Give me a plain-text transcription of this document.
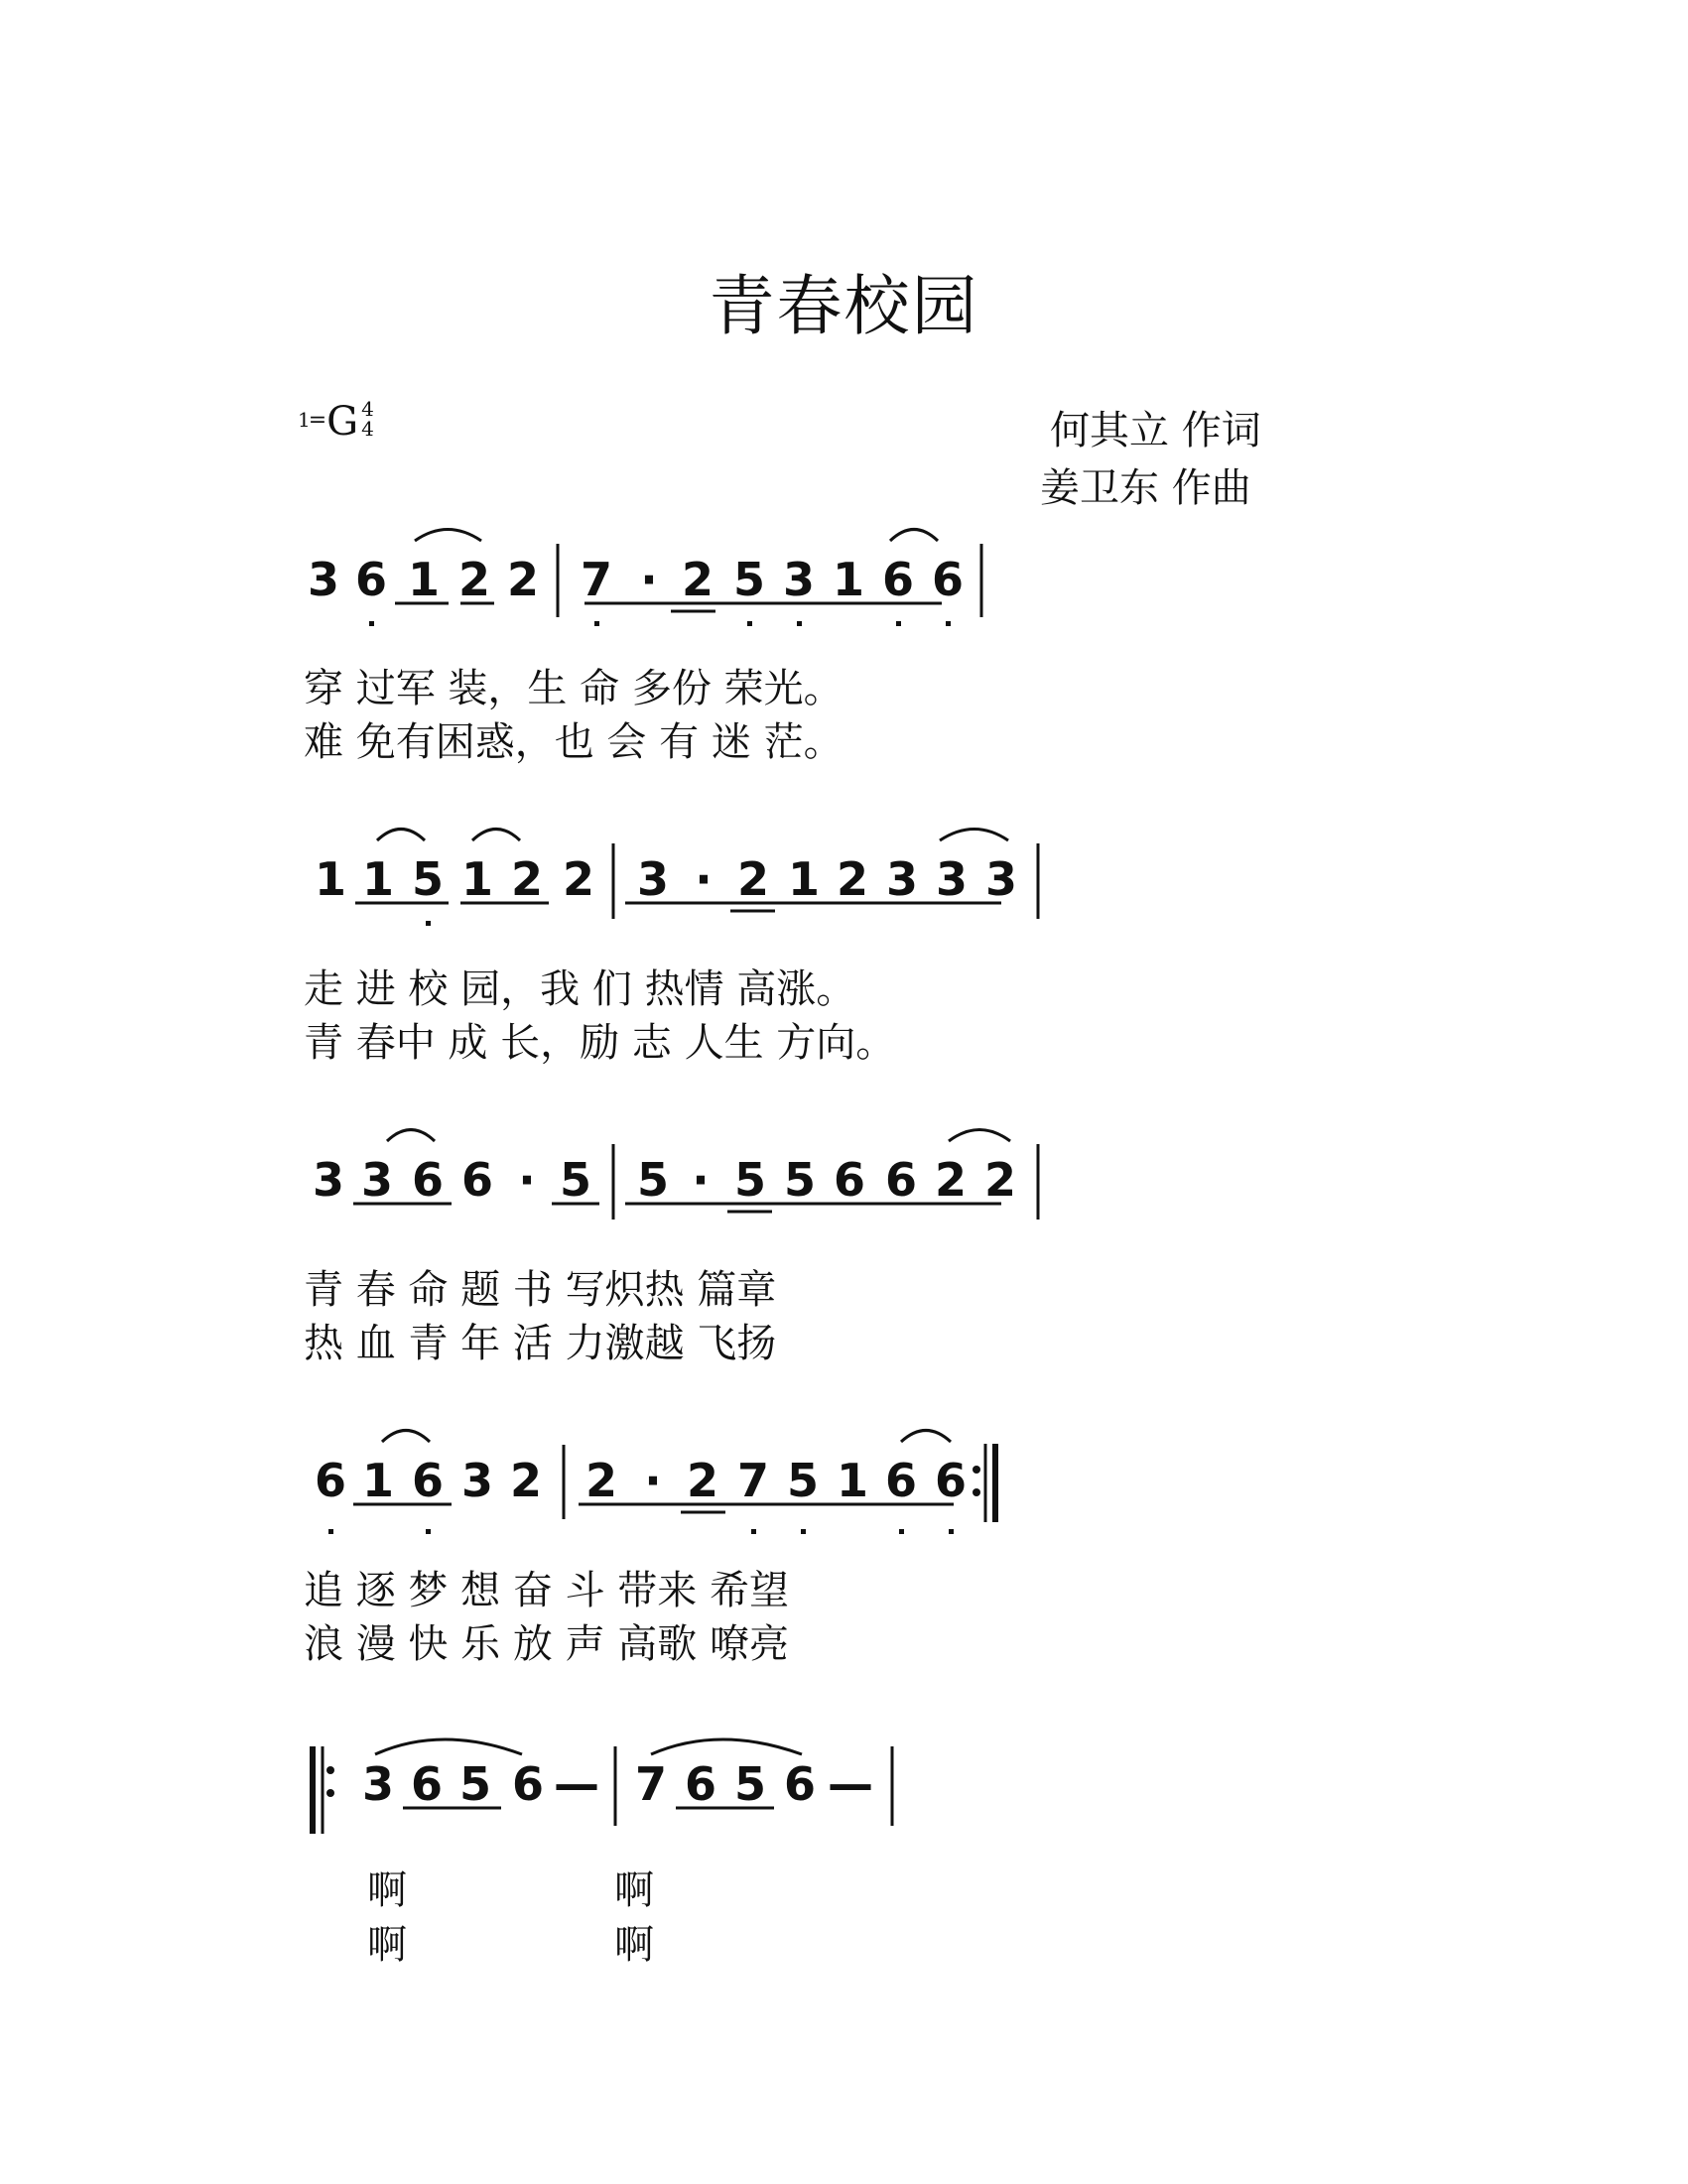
青春校园
$^{1=}$G 4
4	何其立 作词
姜卫东 作曲
3 6 1 2 2 7 · 2 5 3 1 6 6
1 1 5 1 2 2 3 · 2 1 2 3 3 3
3 3 6 6 · 5 5 · 5 5 6 6 2 2
6 1 6 3 2 2 · 2 7 5 1 6 6
3 6 5 6 — 7 6 5 6 —
穿 过军 装，生 命 多份 荣光。
难 免有困惑，也 会 有 迷 茫。
走 进 校 园，我 们 热情 高涨。
青 春中 成 长，励 志 人生 方向。
青 春 命 题 书 写炽热 篇章
热 血 青 年 活 力激越 飞扬
追 逐 梦 想 奋 斗 带来 希望
浪 漫 快 乐 放 声 高歌 嘹亮
啊	啊
啊	啊
